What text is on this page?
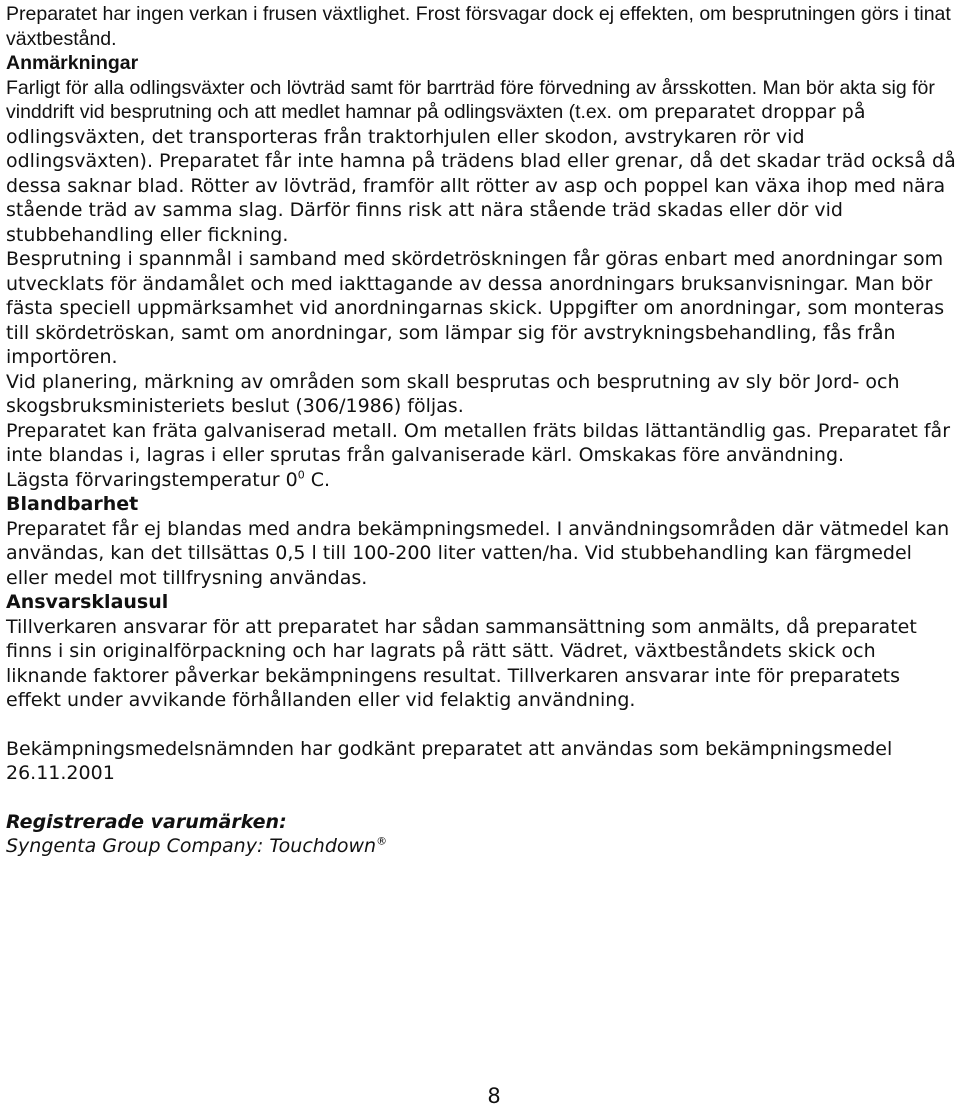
Preparatet har ingen verkan i frusen växtlighet. Frost försvagar dock ej effekten, om besprutningen görs i tinat växtbestånd.

Anmärkningar

Farligt för alla odlingsväxter och lövträd samt för barrträd före förvedning av årsskotten. Man bör akta sig för vinddrift vid besprutning och att medlet hamnar på odlingsväxten (t.ex. om preparatet droppar på odlingsväxten, det transporteras från traktorhjulen eller skodon, avstrykaren rör vid odlingsväxten). Preparatet får inte hamna på trädens blad eller grenar, då det skadar träd också då dessa saknar blad. Rötter av lövträd, framför allt rötter av asp och poppel kan växa ihop med nära stående träd av samma slag. Därför finns risk att nära stående träd skadas eller dör vid stubbehandling eller fickning.

Besprutning i spannmål i samband med skördetröskningen får göras enbart med anordningar som utvecklats för ändamålet och med iakttagande av dessa anordningars bruksanvisningar. Man bör fästa speciell uppmärksamhet vid anordningarnas skick. Uppgifter om anordningar, som monteras till skördetröskan, samt om anordningar, som lämpar sig för avstrykningsbehandling, fås från importören.

Vid planering, märkning av områden som skall besprutas och besprutning av sly bör Jord- och skogsbruksministeriets beslut (306/1986) följas.

Preparatet kan fräta galvaniserad metall. Om metallen fräts bildas lättantändlig gas. Preparatet får inte blandas i, lagras i eller sprutas från galvaniserade kärl. Omskakas före användning.

Lägsta förvaringstemperatur $0^0$ C.

Blandbarhet

Preparatet får ej blandas med andra bekämpningsmedel. I användningsområden där vätmedel kan användas, kan det tillsättas 0,5 l till 100-200 liter vatten/ha. Vid stubbehandling kan färgmedel eller medel mot tillfrysning användas.

Ansvarsklausul

Tillverkaren ansvarar för att preparatet har sådan sammansättning som anmälts, då preparatet finns i sin originalförpackning och har lagrats på rätt sätt. Vädret, växtbeståndets skick och liknande faktorer påverkar bekämpningens resultat. Tillverkaren ansvarar inte för preparatets effekt under avvikande förhållanden eller vid felaktig användning.

Bekämpningsmedelsnämnden har godkänt preparatet att användas som bekämpningsmedel 26.11.2001

Registrerade varumärken:

Syngenta Group Company: Touchdown®

8
